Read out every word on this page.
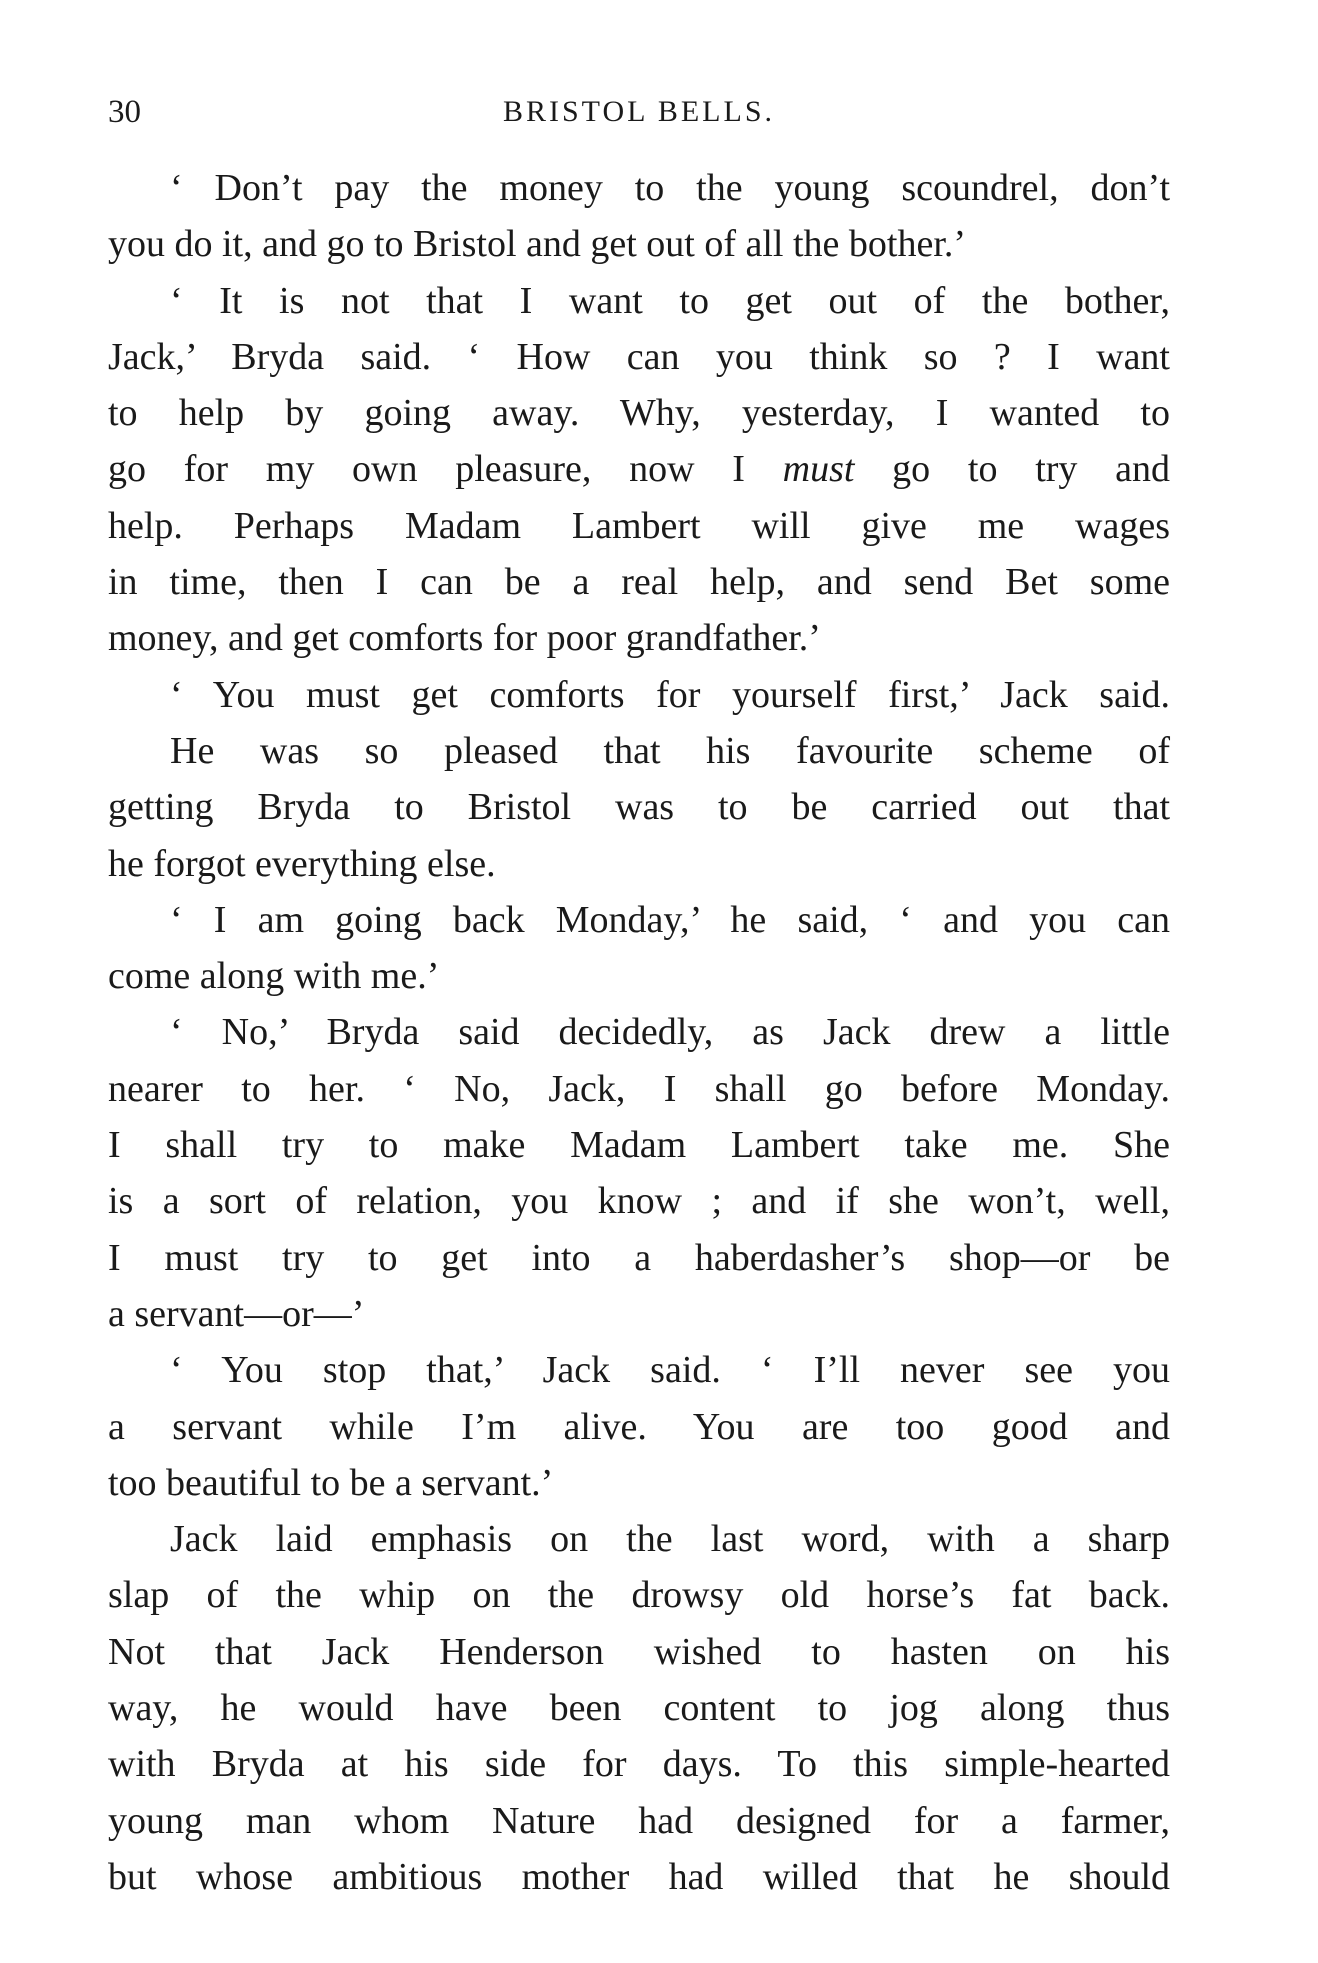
30	BRISTOL BELLS.
‘ Don’t pay the money to the young scoundrel, don’t
you do it, and go to Bristol and get out of all the bother.’
‘ It is not that I want to get out of the bother,
Jack,’ Bryda said. ‘ How can you think so ? I want
to help by going away. Why, yesterday, I wanted to
go for my own pleasure, now I must go to try and
help. Perhaps Madam Lambert will give me wages
in time, then I can be a real help, and send Bet some
money, and get comforts for poor grandfather.’
‘ You must get comforts for yourself first,’ Jack said.
He was so pleased that his favourite scheme of
getting Bryda to Bristol was to be carried out that
he forgot everything else.
‘ I am going back Monday,’ he said, ‘ and you can
come along with me.’
‘ No,’ Bryda said decidedly, as Jack drew a little
nearer to her. ‘ No, Jack, I shall go before Monday.
I shall try to make Madam Lambert take me. She
is a sort of relation, you know ; and if she won’t, well,
I must try to get into a haberdasher’s shop—or be
a servant—or—’
‘ You stop that,’ Jack said. ‘ I’ll never see you
a servant while I’m alive. You are too good and
too beautiful to be a servant.’
Jack laid emphasis on the last word, with a sharp
slap of the whip on the drowsy old horse’s fat back.
Not that Jack Henderson wished to hasten on his
way, he would have been content to jog along thus
with Bryda at his side for days. To this simple-hearted
young man whom Nature had designed for a farmer,
but whose ambitious mother had willed that he should
